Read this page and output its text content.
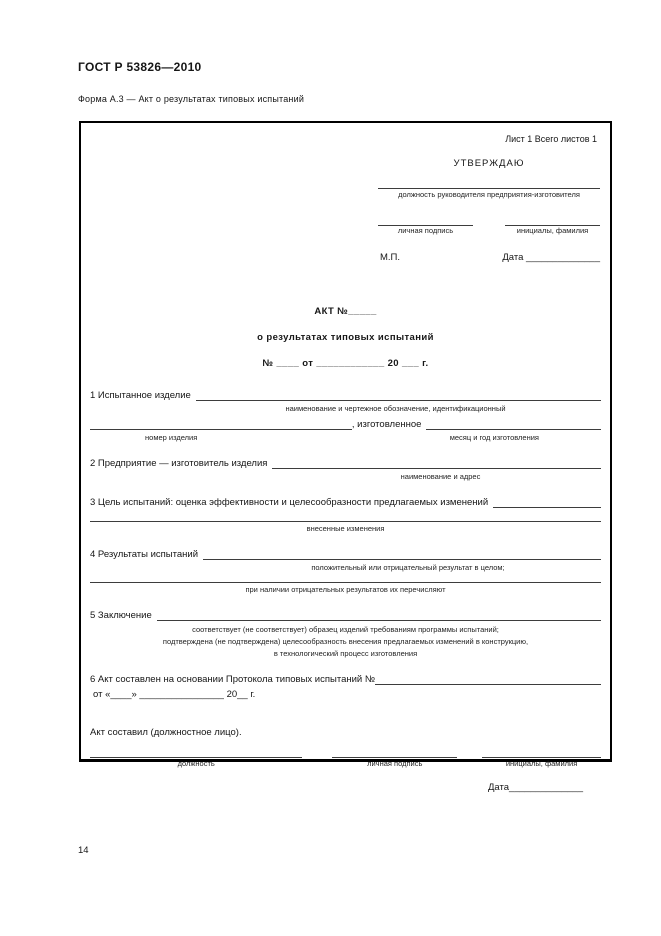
ГОСТ Р 53826—2010
Форма А.3 — Акт о результатах типовых испытаний
Лист 1 Всего листов 1
УТВЕРЖДАЮ
должность руководителя предприятия-изготовителя
личная подпись	инициалы, фамилия
М.П.	Дата ______________
АКТ №_____
о результатах типовых испытаний
№ ____ от ____________ 20 ___ г.
1 Испытанное изделие
наименование и чертежное обозначение, идентификационный
, изготовленное
номер изделия	месяц и год изготовления
2 Предприятие — изготовитель изделия
наименование и адрес
3 Цель испытаний: оценка эффективности и целесообразности предлагаемых изменений
внесенные изменения
4 Результаты испытаний
положительный или отрицательный результат в целом;
при наличии отрицательных результатов их перечисляют
5 Заключение
соответствует (не соответствует) образец изделий требованиям программы испытаний;
подтверждена (не подтверждена) целесообразность внесения предлагаемых изменений в конструкцию,
в технологический процесс изготовления
6 Акт составлен на основании Протокола типовых испытаний №
от «____» ________________ 20__ г.
Акт составил (должностное лицо).
должность	личная подпись	инициалы, фамилия
Дата______________
14
